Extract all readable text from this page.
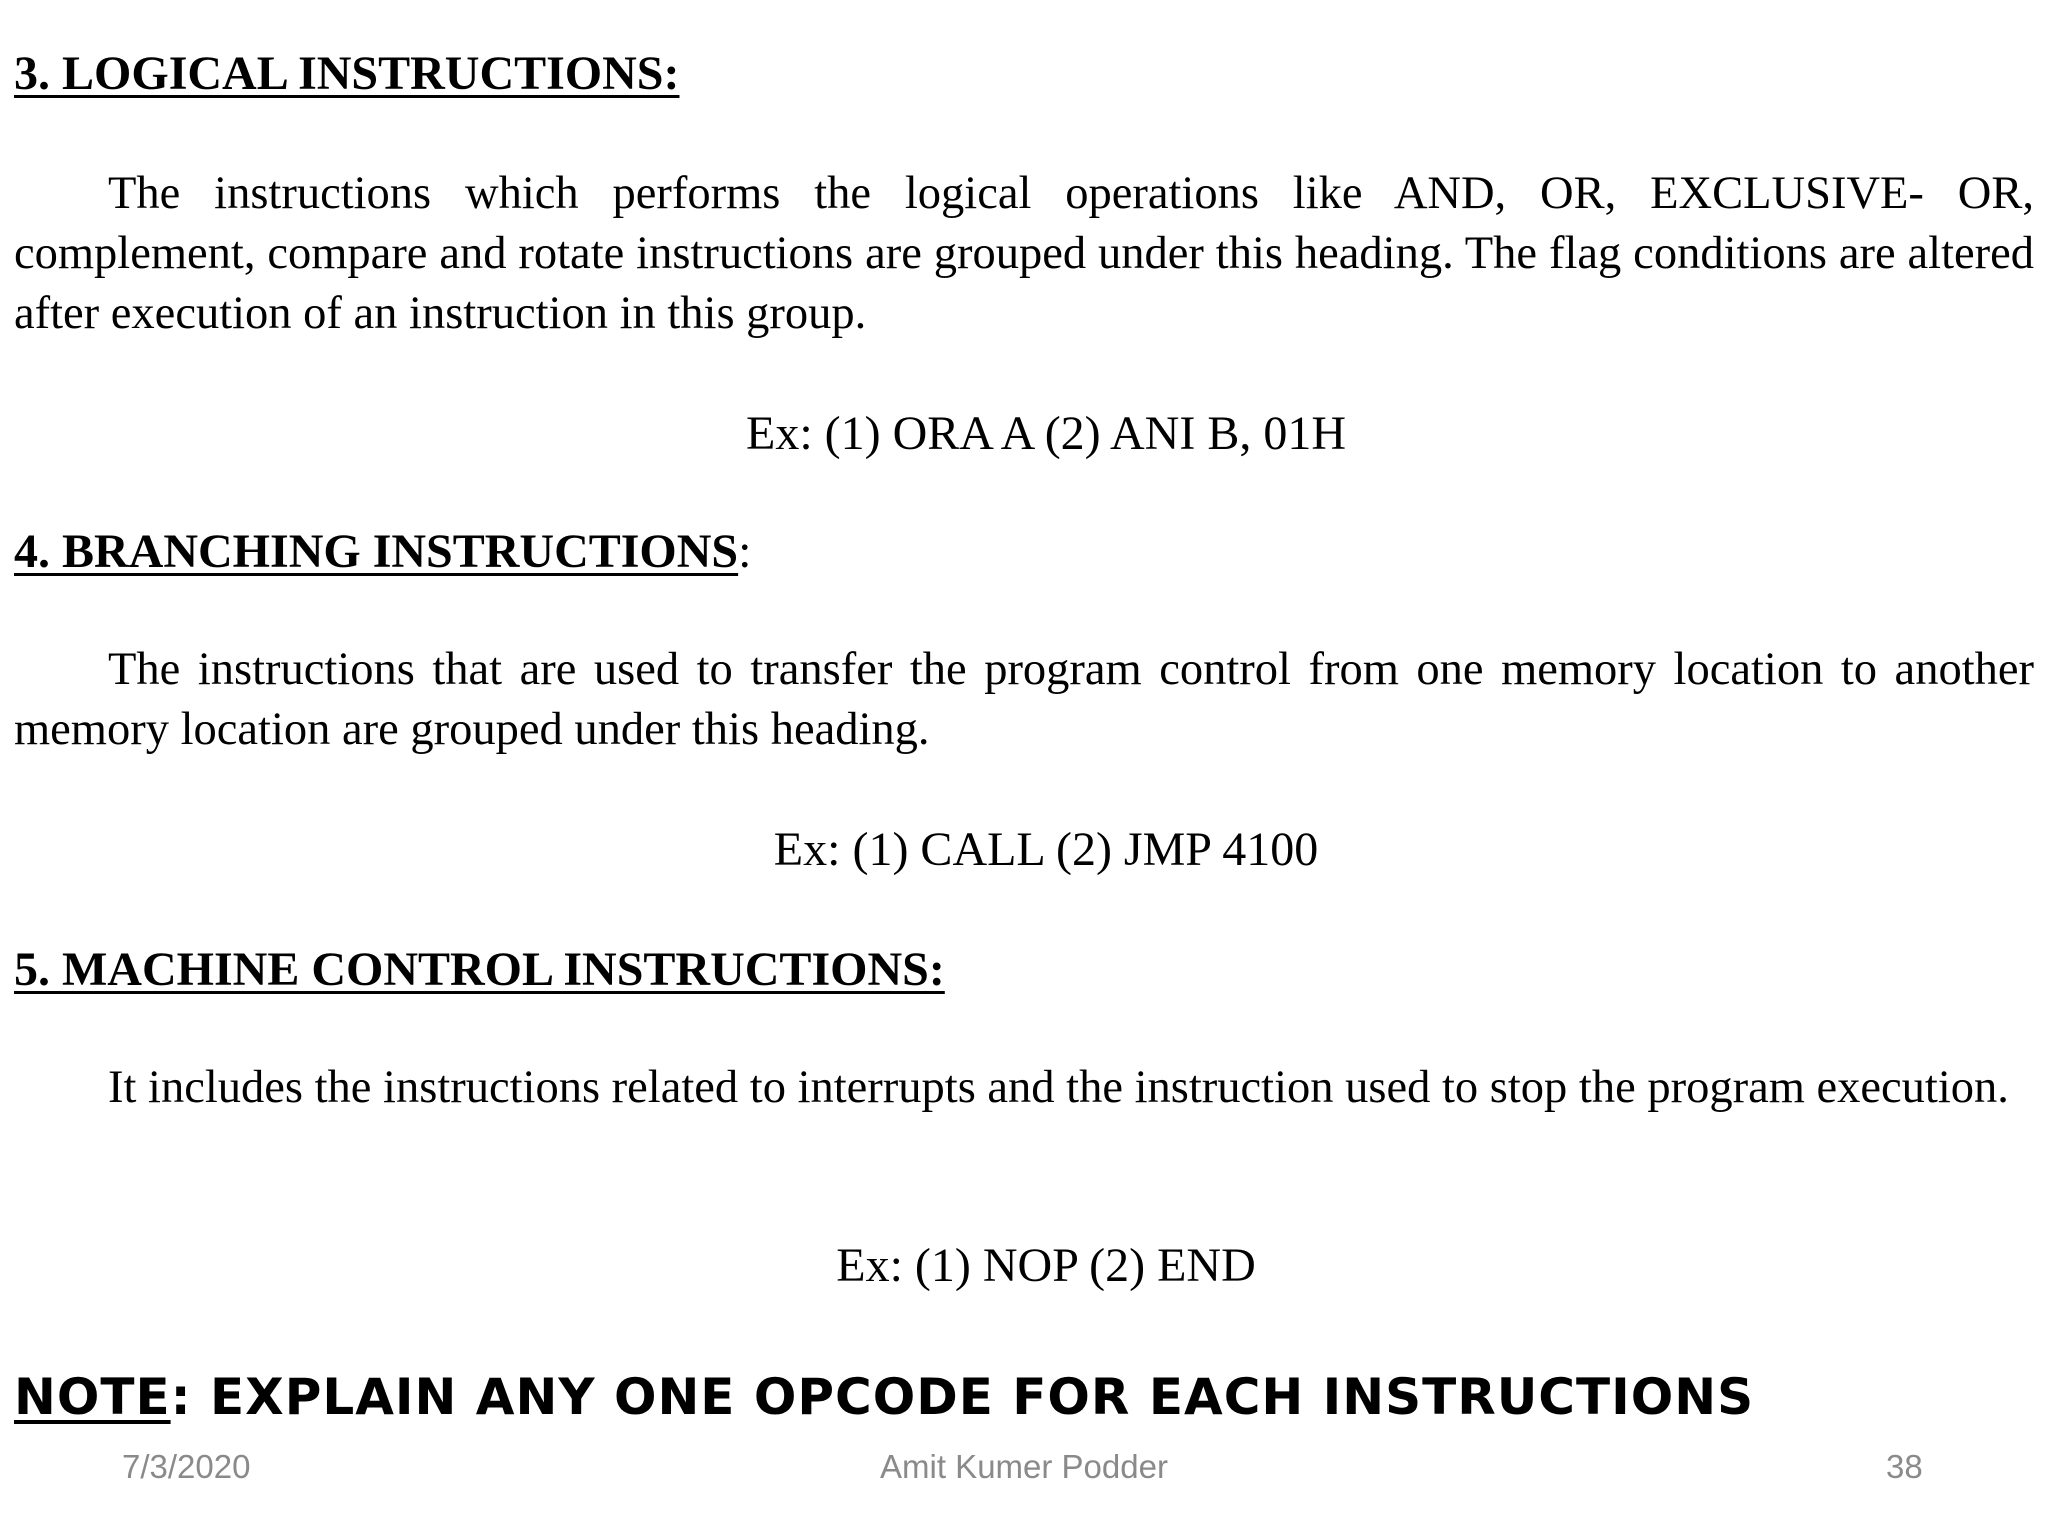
3. LOGICAL INSTRUCTIONS:

The instructions which performs the logical operations like AND, OR, EXCLUSIVE- OR, complement, compare and rotate instructions are grouped under this heading. The flag conditions are altered after execution of an instruction in this group.

Ex: (1) ORA A (2) ANI B, 01H

4. BRANCHING INSTRUCTIONS:

The instructions that are used to transfer the program control from one memory location to another memory location are grouped under this heading.

Ex: (1) CALL (2) JMP 4100

5. MACHINE CONTROL INSTRUCTIONS:

It includes the instructions related to interrupts and the instruction used to stop the program execution.

Ex: (1) NOP (2) END

NOTE: EXPLAIN ANY ONE OPCODE FOR EACH INSTRUCTIONS

7/3/2020	Amit Kumer Podder	38
